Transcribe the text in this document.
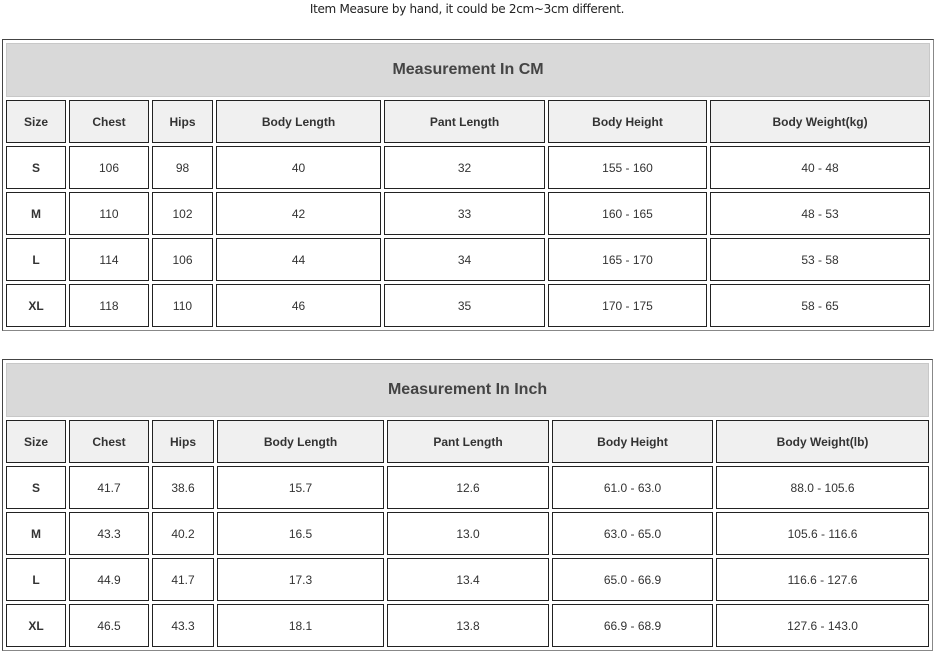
Item Measure by hand, it could be 2cm~3cm different.
Measurement In CM						
Size	Chest	Hips	Body Length	Pant Length	Body Height	Body Weight(kg)
S	106	98	40	32	155 - 160	40 - 48
M	110	102	42	33	160 - 165	48 - 53
L	114	106	44	34	165 - 170	53 - 58
XL	118	110	46	35	170 - 175	58 - 65
Measurement In Inch						
Size	Chest	Hips	Body Length	Pant Length	Body Height	Body Weight(lb)
S	41.7	38.6	15.7	12.6	61.0 - 63.0	88.0 - 105.6
M	43.3	40.2	16.5	13.0	63.0 - 65.0	105.6 - 116.6
L	44.9	41.7	17.3	13.4	65.0 - 66.9	116.6 - 127.6
XL	46.5	43.3	18.1	13.8	66.9 - 68.9	127.6 - 143.0
